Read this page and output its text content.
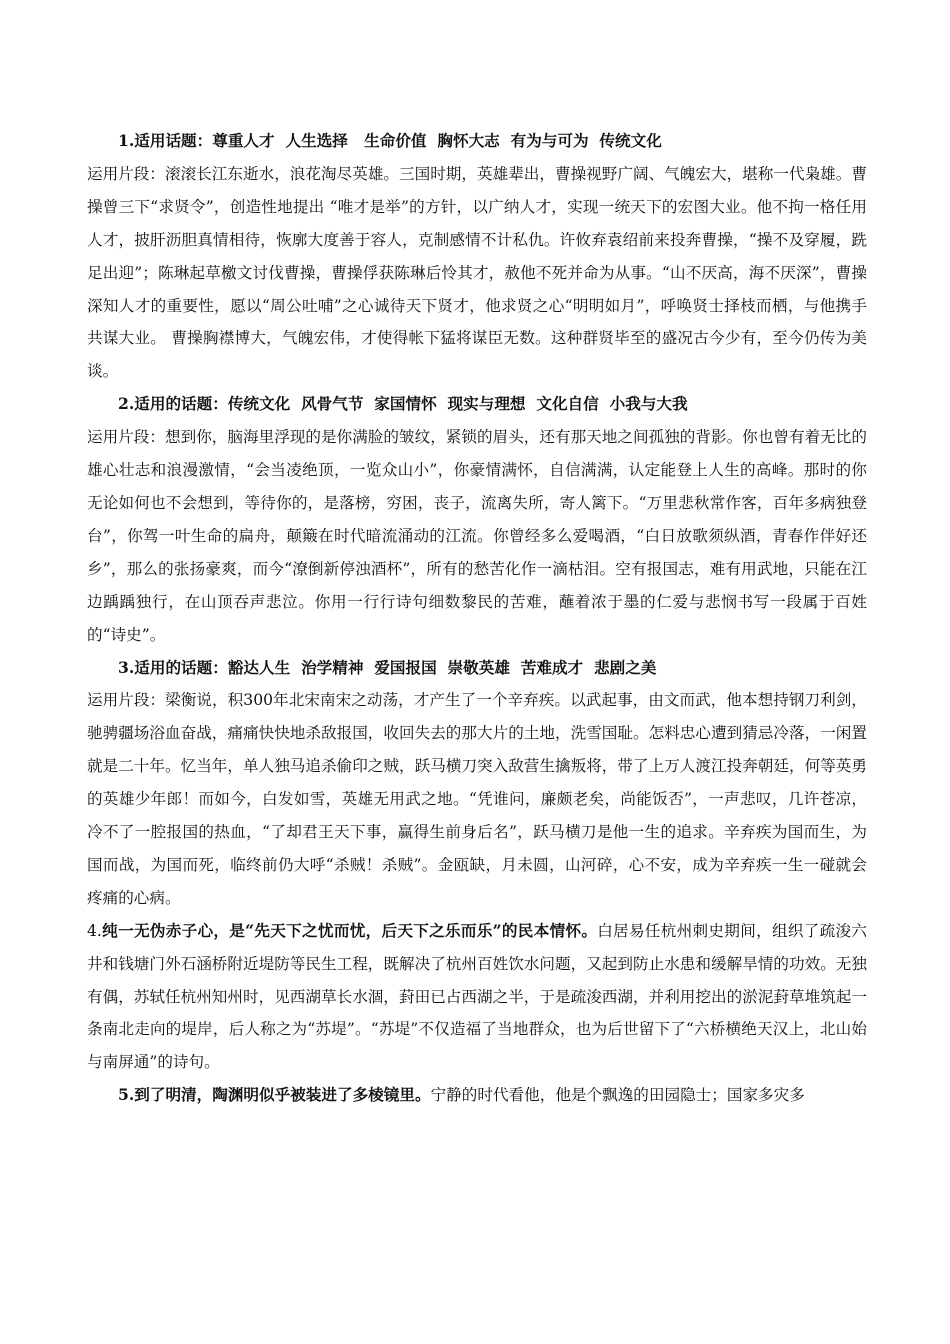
1.适用话题：尊重人才  人生选择   生命价值  胸怀大志  有为与可为  传统文化

运用片段：滚滚长江东逝水，浪花淘尽英雄。三国时期，英雄辈出，曹操视野广阔、气魄宏大，堪称一代枭雄。曹操曾三下“求贤令”，创造性地提出 “唯才是举”的方针，以广纳人才，实现一统天下的宏图大业。他不拘一格任用人才，披肝沥胆真情相待，恢廓大度善于容人，克制感情不计私仇。许攸弃袁绍前来投奔曹操，“操不及穿履，跣足出迎”；陈琳起草檄文讨伐曹操，曹操俘获陈琳后怜其才，赦他不死并命为从事。“山不厌高，海不厌深”，曹操深知人才的重要性，愿以“周公吐哺”之心诚待天下贤才，他求贤之心“明明如月”，呼唤贤士择枝而栖，与他携手共谋大业。 曹操胸襟博大，气魄宏伟，才使得帐下猛将谋臣无数。这种群贤毕至的盛况古今少有，至今仍传为美谈。

2.适用的话题：传统文化  风骨气节  家国情怀  现实与理想  文化自信  小我与大我

运用片段：想到你，脑海里浮现的是你满脸的皱纹，紧锁的眉头，还有那天地之间孤独的背影。你也曾有着无比的雄心壮志和浪漫激情，“会当凌绝顶，一览众山小”，你豪情满怀，自信满满，认定能登上人生的高峰。那时的你无论如何也不会想到，等待你的，是落榜，穷困，丧子，流离失所，寄人篱下。“万里悲秋常作客，百年多病独登台”，你驾一叶生命的扁舟，颠簸在时代暗流涌动的江流。你曾经多么爱喝酒，“白日放歌须纵酒，青春作伴好还乡”，那么的张扬豪爽，而今“潦倒新停浊酒杯”，所有的愁苦化作一滴枯泪。空有报国志，难有用武地，只能在江边踽踽独行，在山顶吞声悲泣。你用一行行诗句细数黎民的苦难，蘸着浓于墨的仁爱与悲悯书写一段属于百姓的“诗史”。

3.适用的话题：豁达人生  治学精神  爱国报国  崇敬英雄  苦难成才  悲剧之美

运用片段：梁衡说，积300年北宋南宋之动荡，才产生了一个辛弃疾。以武起事，由文而武，他本想持钢刀利剑，驰骋疆场浴血奋战，痛痛快快地杀敌报国，收回失去的那大片的土地，洗雪国耻。怎料忠心遭到猜忌冷落，一闲置就是二十年。忆当年，单人独马追杀偷印之贼，跃马横刀突入敌营生擒叛将，带了上万人渡江投奔朝廷，何等英勇的英雄少年郎！而如今，白发如雪，英雄无用武之地。“凭谁问，廉颇老矣，尚能饭否”，一声悲叹，几许苍凉，冷不了一腔报国的热血，“了却君王天下事，赢得生前身后名”，跃马横刀是他一生的追求。辛弃疾为国而生，为国而战，为国而死，临终前仍大呼“杀贼！杀贼”。金瓯缺，月未圆，山河碎，心不安，成为辛弃疾一生一碰就会疼痛的心病。

4.纯一无伪赤子心，是“先天下之忧而忧，后天下之乐而乐”的民本情怀。白居易任杭州刺史期间，组织了疏浚六井和钱塘门外石涵桥附近堤防等民生工程，既解决了杭州百姓饮水问题，又起到防止水患和缓解旱情的功效。无独有偶，苏轼任杭州知州时，见西湖草长水涸，葑田已占西湖之半，于是疏浚西湖，并利用挖出的淤泥葑草堆筑起一条南北走向的堤岸，后人称之为“苏堤”。“苏堤”不仅造福了当地群众，也为后世留下了“六桥横绝天汉上，北山始与南屏通”的诗句。

5.到了明清，陶渊明似乎被装进了多棱镜里。宁静的时代看他，他是个飘逸的田园隐士；国家多灾多
